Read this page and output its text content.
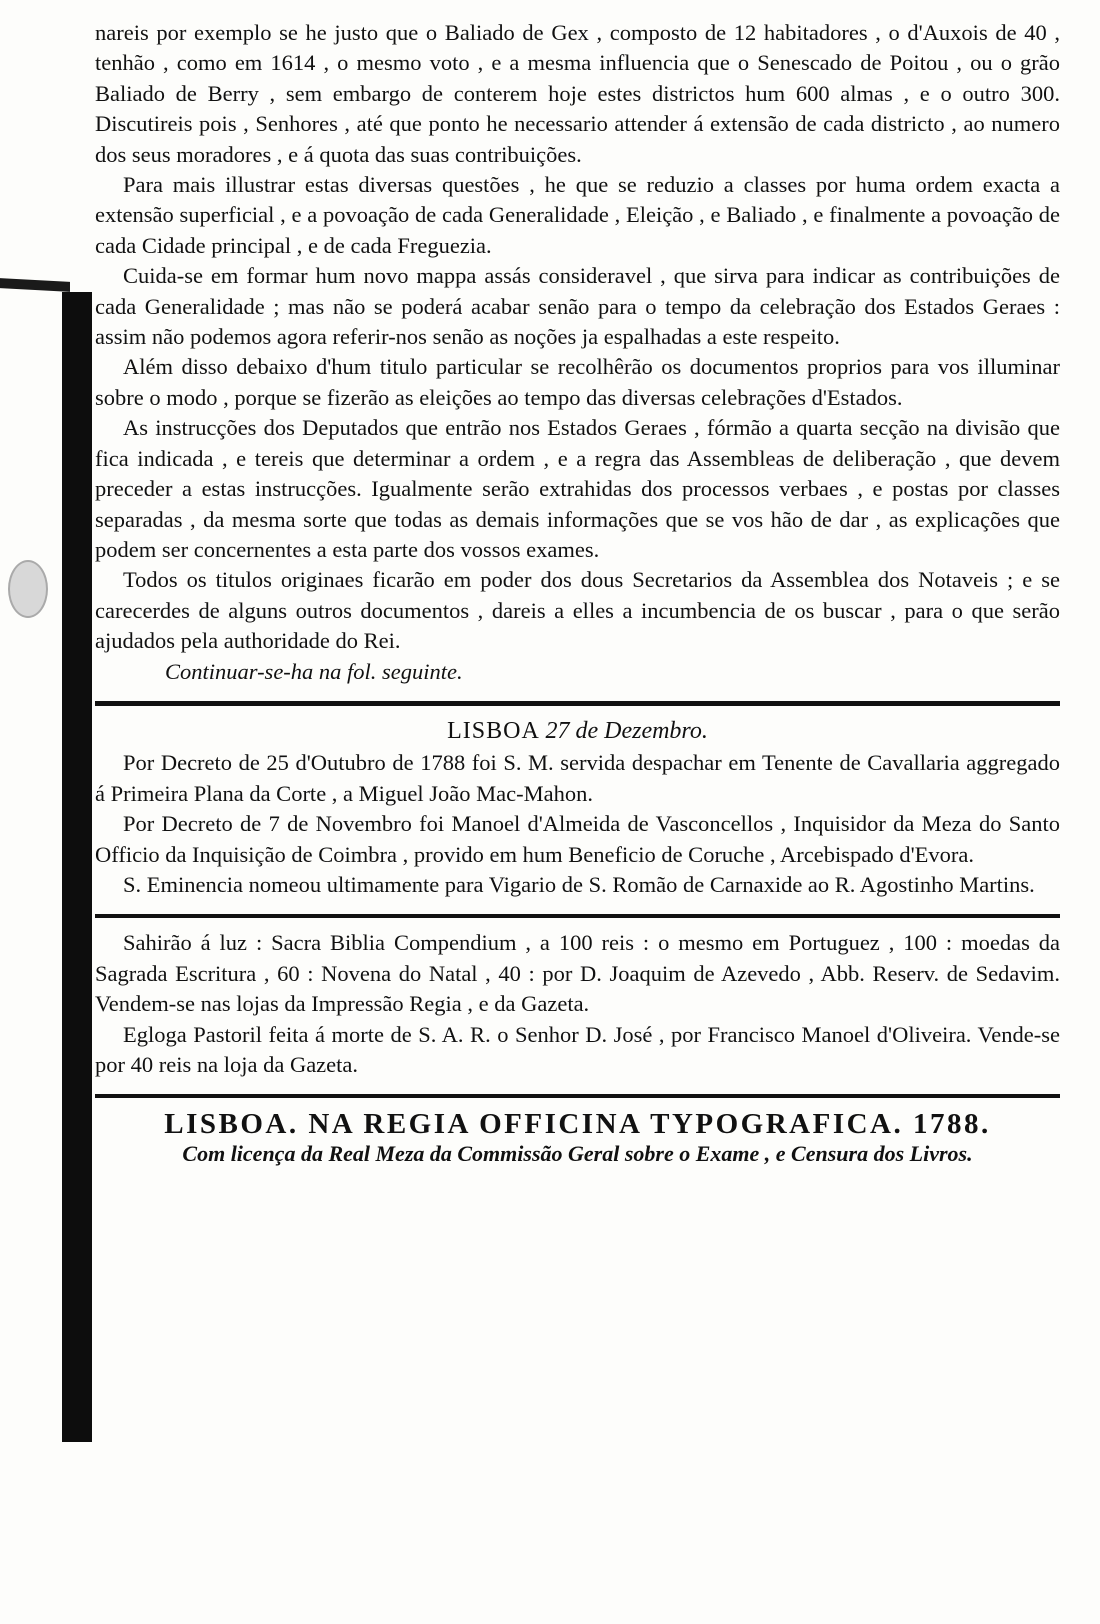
nareis por exemplo se he justo que o Baliado de Gex , composto de 12 habitadores , o d'Auxois de 40 , tenhão , como em 1614 , o mesmo voto , e a mesma influencia que o Senescado de Poitou , ou o grão Baliado de Berry , sem embargo de conterem hoje estes districtos hum 600 almas , e o outro 300. Discutireis pois , Senhores , até que ponto he necessario attender á extensão de cada districto , ao numero dos seus moradores , e á quota das suas contribuições.

Para mais illustrar estas diversas questões , he que se reduzio a classes por huma ordem exacta a extensão superficial , e a povoação de cada Generalidade , Eleição , e Baliado , e finalmente a povoação de cada Cidade principal , e de cada Freguezia.

Cuida-se em formar hum novo mappa assás consideravel , que sirva para indicar as contribuições de cada Generalidade ; mas não se poderá acabar senão para o tempo da celebração dos Estados Geraes : assim não podemos agora referir-nos senão as noções ja espalhadas a este respeito.

Além disso debaixo d'hum titulo particular se recolhêrão os documentos proprios para vos illuminar sobre o modo , porque se fizerão as eleições ao tempo das diversas celebrações d'Estados.

As instrucções dos Deputados que entrão nos Estados Geraes , fórmão a quarta secção na divisão que fica indicada , e tereis que determinar a ordem , e a regra das Assembleas de deliberação , que devem preceder a estas instrucções. Igualmente serão extrahidas dos processos verbaes , e postas por classes separadas , da mesma sorte que todas as demais informações que se vos hão de dar , as explicações que podem ser concernentes a esta parte dos vossos exames.

Todos os titulos originaes ficarão em poder dos dous Secretarios da Assemblea dos Notaveis ; e se carecerdes de alguns outros documentos , dareis a elles a incumbencia de os buscar , para o que serão ajudados pela authoridade do Rei.

Continuar-se-ha na fol. seguinte.

LISBOA 27 de Dezembro.

Por Decreto de 25 d'Outubro de 1788 foi S. M. servida despachar em Tenente de Cavallaria aggregado á Primeira Plana da Corte , a Miguel João Mac-Mahon.

Por Decreto de 7 de Novembro foi Manoel d'Almeida de Vasconcellos , Inquisidor da Meza do Santo Officio da Inquisição de Coimbra , provido em hum Beneficio de Coruche , Arcebispado d'Evora.

S. Eminencia nomeou ultimamente para Vigario de S. Romão de Carnaxide ao R. Agostinho Martins.

Sahirão á luz : Sacra Biblia Compendium , a 100 reis : o mesmo em Portuguez , 100 : moedas da Sagrada Escritura , 60 : Novena do Natal , 40 : por D. Joaquim de Azevedo , Abb. Reserv. de Sedavim. Vendem-se nas lojas da Impressão Regia , e da Gazeta.

Egloga Pastoril feita á morte de S. A. R. o Senhor D. José , por Francisco Manoel d'Oliveira. Vende-se por 40 reis na loja da Gazeta.

LISBOA. NA REGIA OFFICINA TYPOGRAFICA. 1788.

Com licença da Real Meza da Commissão Geral sobre o Exame , e Censura dos Livros.
